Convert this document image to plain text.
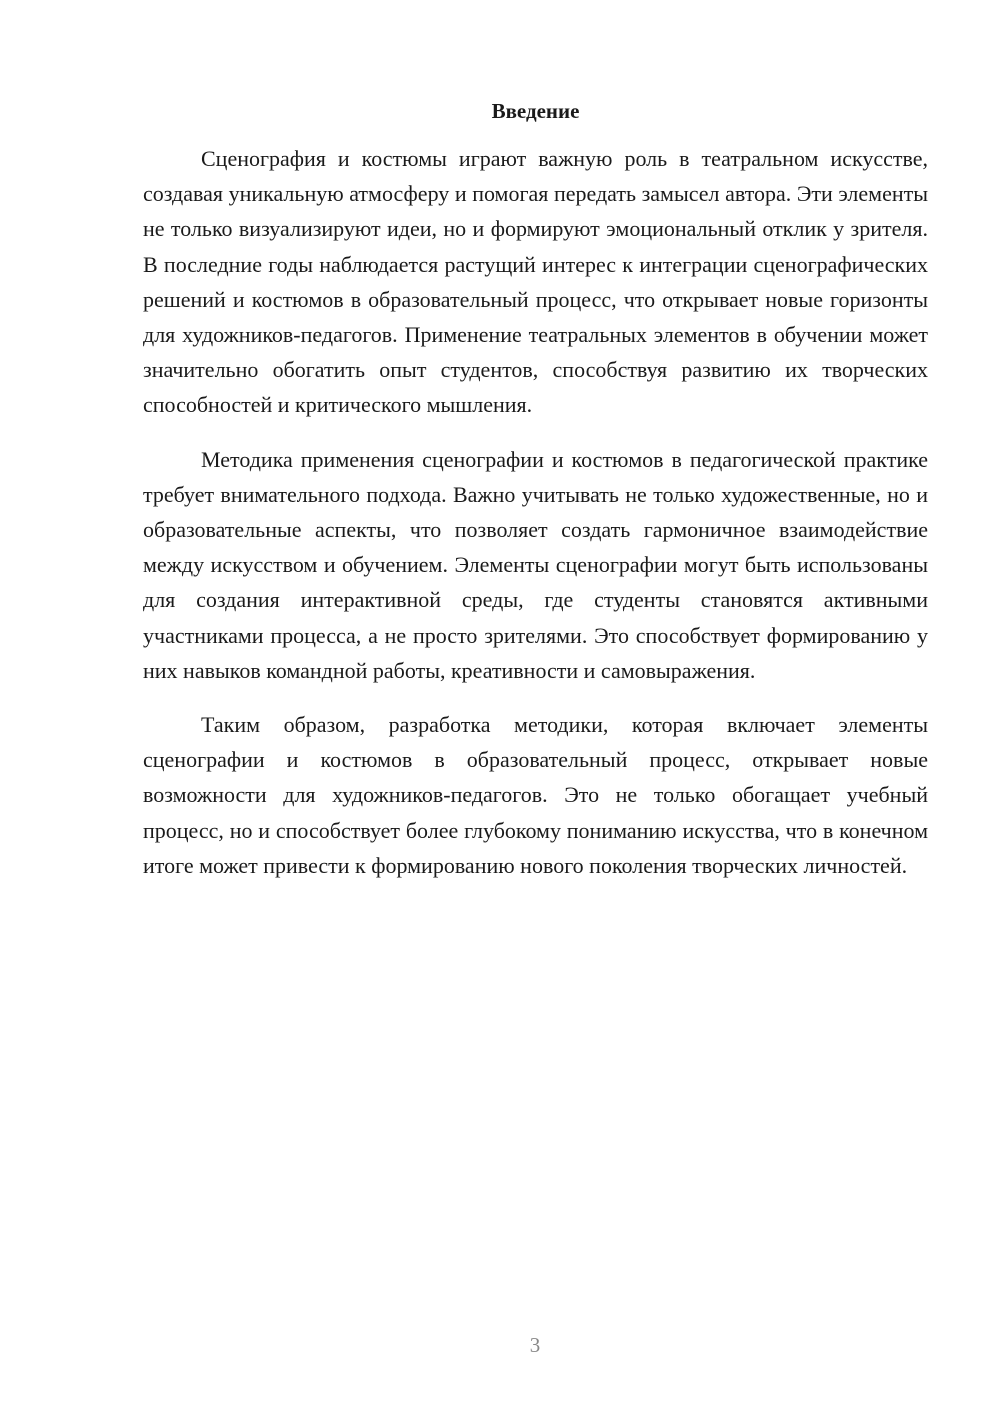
Введение

Сценография и костюмы играют важную роль в театральном искусстве, создавая уникальную атмосферу и помогая передать замысел автора. Эти элементы не только визуализируют идеи, но и формируют эмоциональный отклик у зрителя. В последние годы наблюдается растущий интерес к интеграции сценографических решений и костюмов в образовательный процесс, что открывает новые горизонты для художников-педагогов. Применение театральных элементов в обучении может значительно обогатить опыт студентов, способствуя развитию их творческих способностей и критического мышления.

Методика применения сценографии и костюмов в педагогической практике требует внимательного подхода. Важно учитывать не только художественные, но и образовательные аспекты, что позволяет создать гармоничное взаимодействие между искусством и обучением. Элементы сценографии могут быть использованы для создания интерактивной среды, где студенты становятся активными участниками процесса, а не просто зрителями. Это способствует формированию у них навыков командной работы, креативности и самовыражения.

Таким образом, разработка методики, которая включает элементы сценографии и костюмов в образовательный процесс, открывает новые возможности для художников-педагогов. Это не только обогащает учебный процесс, но и способствует более глубокому пониманию искусства, что в конечном итоге может привести к формированию нового поколения творческих личностей.

3
